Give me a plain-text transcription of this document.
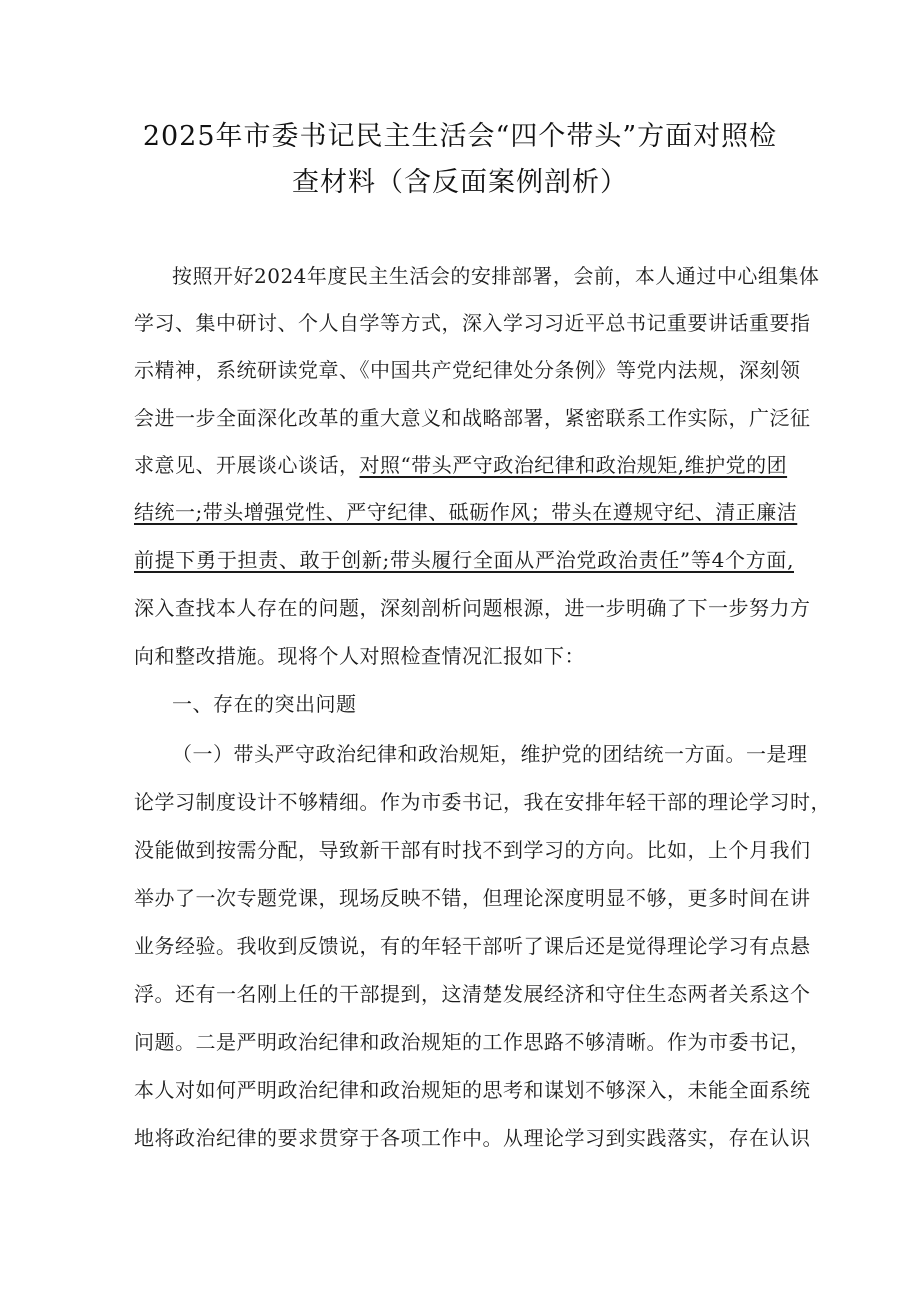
2025年市委书记民主生活会“四个带头”方面对照检
查材料（含反面案例剖析）
按照开好2024年度民主生活会的安排部署，会前，本人通过中心组集体
学习、集中研讨、个人自学等方式，深入学习习近平总书记重要讲话重要指
示精神，系统研读党章、《中国共产党纪律处分条例》等党内法规，深刻领
会进一步全面深化改革的重大意义和战略部署，紧密联系工作实际，广泛征
求意见、开展谈心谈话，对照“带头严守政治纪律和政治规矩,维护党的团
结统一;带头增强党性、严守纪律、砥砺作风；带头在遵规守纪、清正廉洁
前提下勇于担责、敢于创新;带头履行全面从严治党政治责任”等4个方面,
深入查找本人存在的问题，深刻剖析问题根源，进一步明确了下一步努力方
向和整改措施。现将个人对照检查情况汇报如下：
一、存在的突出问题
（一）带头严守政治纪律和政治规矩，维护党的团结统一方面。一是理
论学习制度设计不够精细。作为市委书记，我在安排年轻干部的理论学习时，
没能做到按需分配，导致新干部有时找不到学习的方向。比如，上个月我们
举办了一次专题党课，现场反映不错，但理论深度明显不够，更多时间在讲
业务经验。我收到反馈说，有的年轻干部听了课后还是觉得理论学习有点悬
浮。还有一名刚上任的干部提到，这清楚发展经济和守住生态两者关系这个
问题。二是严明政治纪律和政治规矩的工作思路不够清晰。作为市委书记，
本人对如何严明政治纪律和政治规矩的思考和谋划不够深入，未能全面系统
地将政治纪律的要求贯穿于各项工作中。从理论学习到实践落实，存在认识
